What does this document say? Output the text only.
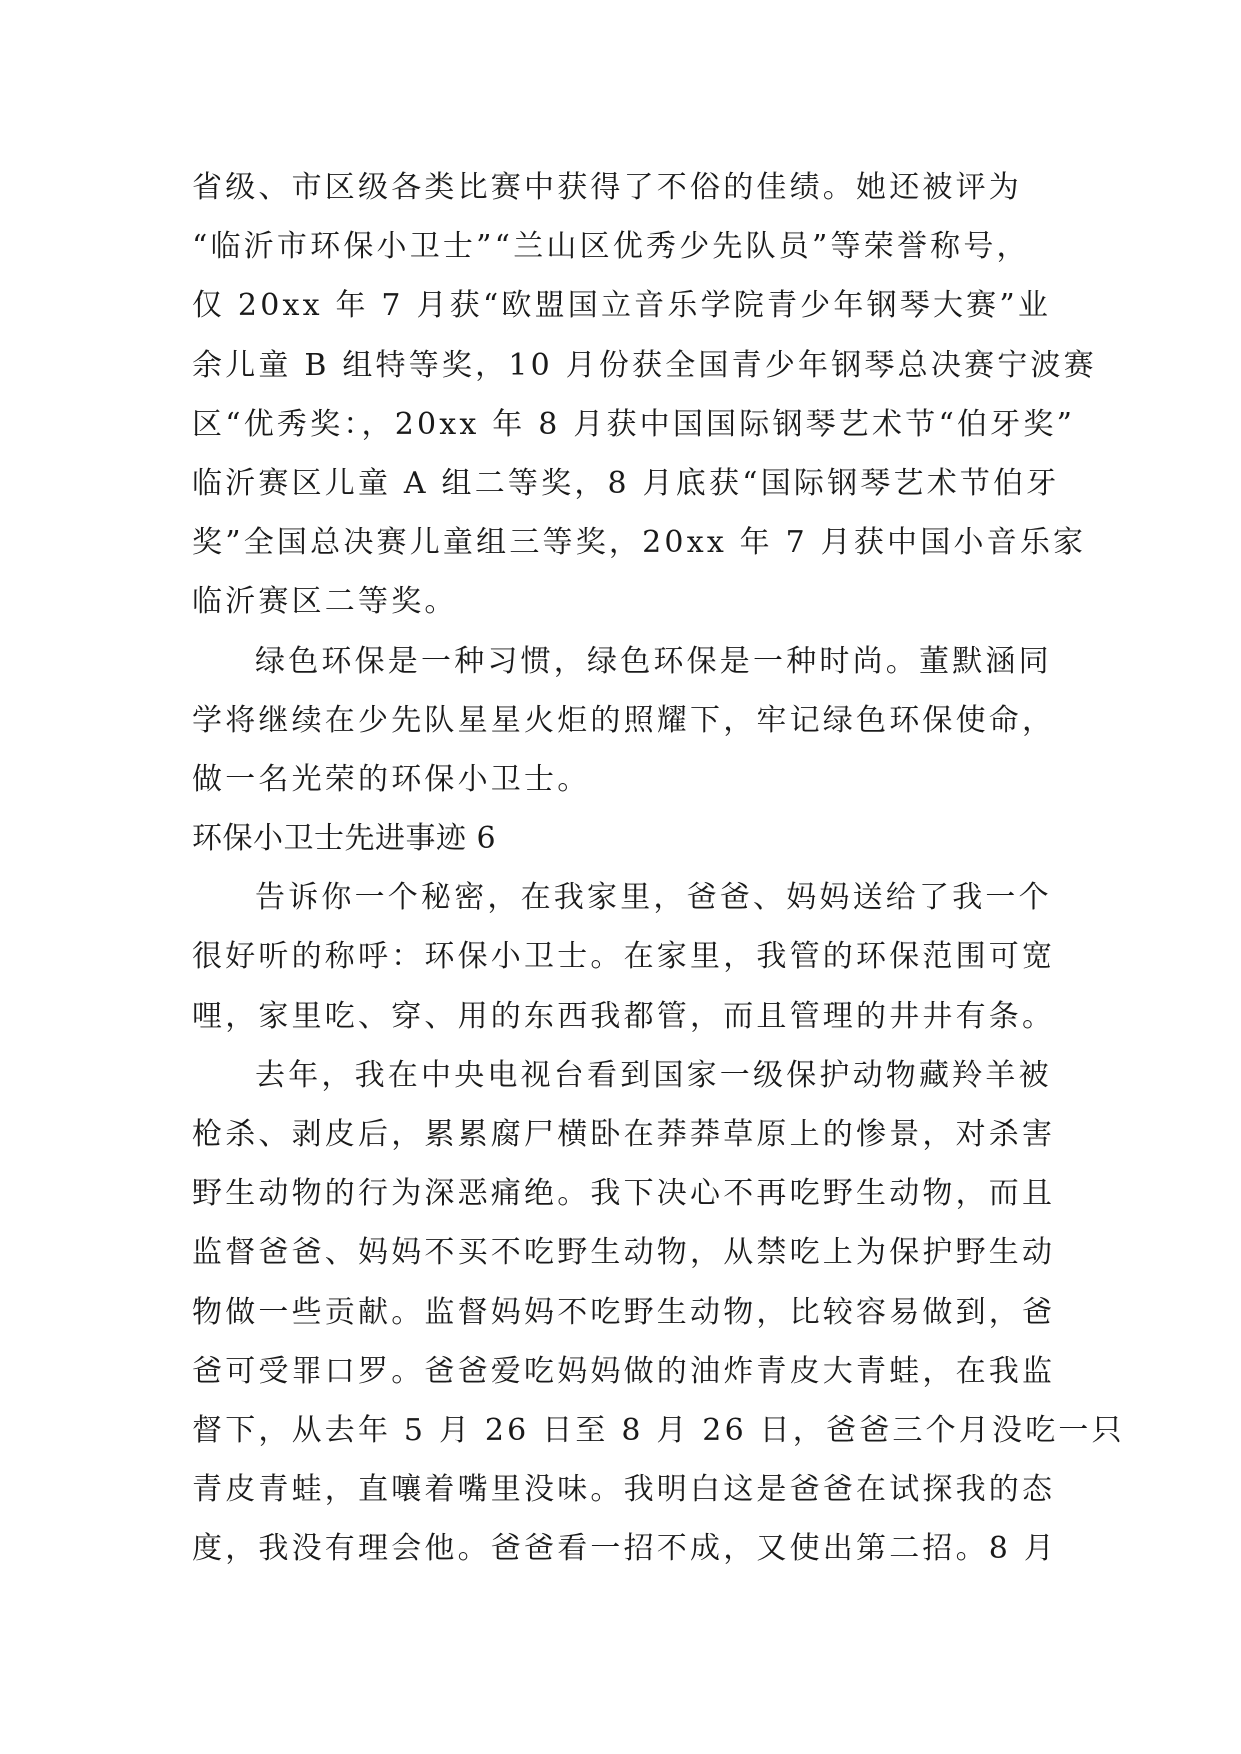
省级、市区级各类比赛中获得了不俗的佳绩。她还被评为
“临沂市环保小卫士”“兰山区优秀少先队员”等荣誉称号，
仅 20xx 年 7 月获“欧盟国立音乐学院青少年钢琴大赛”业
余儿童 B 组特等奖，10 月份获全国青少年钢琴总决赛宁波赛
区“优秀奖：，20xx 年 8 月获中国国际钢琴艺术节“伯牙奖”
临沂赛区儿童 A 组二等奖，8 月底获“国际钢琴艺术节伯牙
奖”全国总决赛儿童组三等奖，20xx 年 7 月获中国小音乐家
临沂赛区二等奖。
绿色环保是一种习惯，绿色环保是一种时尚。董默涵同
学将继续在少先队星星火炬的照耀下，牢记绿色环保使命，
做一名光荣的环保小卫士。
环保小卫士先进事迹 6
告诉你一个秘密，在我家里，爸爸、妈妈送给了我一个
很好听的称呼：环保小卫士。在家里，我管的环保范围可宽
哩，家里吃、穿、用的东西我都管，而且管理的井井有条。
去年，我在中央电视台看到国家一级保护动物藏羚羊被
枪杀、剥皮后，累累腐尸横卧在莽莽草原上的惨景，对杀害
野生动物的行为深恶痛绝。我下决心不再吃野生动物，而且
监督爸爸、妈妈不买不吃野生动物，从禁吃上为保护野生动
物做一些贡献。监督妈妈不吃野生动物，比较容易做到，爸
爸可受罪口罗。爸爸爱吃妈妈做的油炸青皮大青蛙，在我监
督下，从去年 5 月 26 日至 8 月 26 日，爸爸三个月没吃一只
青皮青蛙，直嚷着嘴里没味。我明白这是爸爸在试探我的态
度，我没有理会他。爸爸看一招不成，又使出第二招。8 月
